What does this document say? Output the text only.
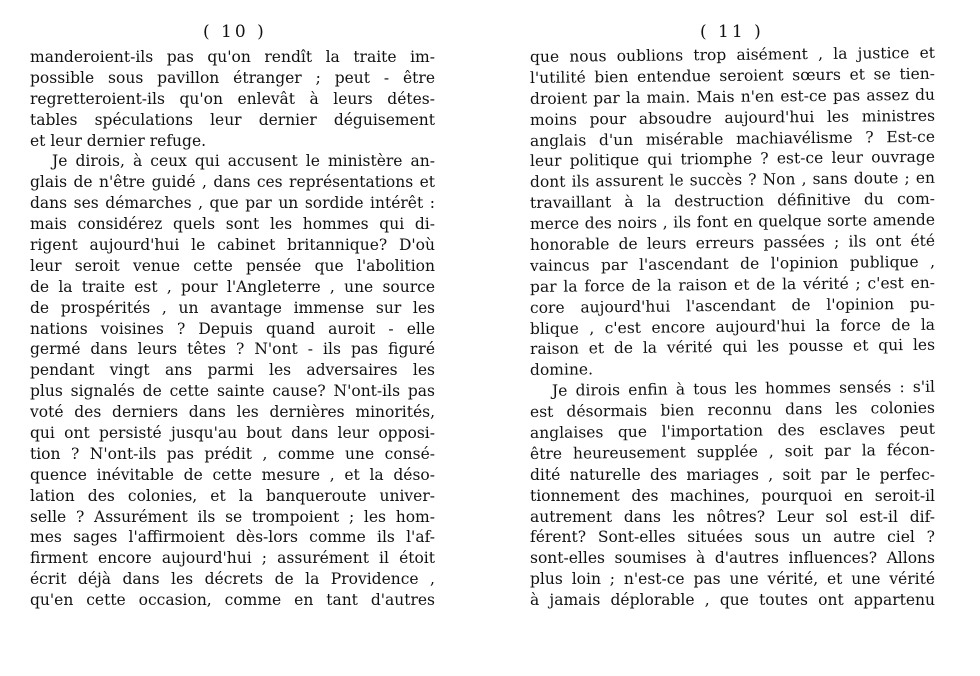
( 10 )
manderoient-ils pas qu'on rendît la traite im-
possible sous pavillon étranger ; peut - être
regretteroient-ils qu'on enlevât à leurs détes-
tables spéculations leur dernier déguisement
et leur dernier refuge.
Je dirois, à ceux qui accusent le ministère an-
glais de n'être guidé , dans ces représentations et
dans ses démarches , que par un sordide intérêt :
mais considérez quels sont les hommes qui di-
rigent aujourd'hui le cabinet britannique? D'où
leur seroit venue cette pensée que l'abolition
de la traite est , pour l'Angleterre , une source
de prospérités , un avantage immense sur les
nations voisines ? Depuis quand auroit - elle
germé dans leurs têtes ? N'ont - ils pas figuré
pendant vingt ans parmi les adversaires les
plus signalés de cette sainte cause? N'ont-ils pas
voté des derniers dans les dernières minorités,
qui ont persisté jusqu'au bout dans leur opposi-
tion ? N'ont-ils pas prédit , comme une consé-
quence inévitable de cette mesure , et la déso-
lation des colonies, et la banqueroute univer-
selle ? Assurément ils se trompoient ; les hom-
mes sages l'affirmoient dès-lors comme ils l'af-
firment encore aujourd'hui ; assurément il étoit
écrit déjà dans les décrets de la Providence ,
qu'en cette occasion, comme en tant d'autres
( 11 )
que nous oublions trop aisément , la justice et
l'utilité bien entendue seroient sœurs et se tien-
droient par la main. Mais n'en est-ce pas assez du
moins pour absoudre aujourd'hui les ministres
anglais d'un misérable machiavélisme ? Est-ce
leur politique qui triomphe ? est-ce leur ouvrage
dont ils assurent le succès ? Non , sans doute ; en
travaillant à la destruction définitive du com-
merce des noirs , ils font en quelque sorte amende
honorable de leurs erreurs passées ; ils ont été
vaincus par l'ascendant de l'opinion publique ,
par la force de la raison et de la vérité ; c'est en-
core aujourd'hui l'ascendant de l'opinion pu-
blique , c'est encore aujourd'hui la force de la
raison et de la vérité qui les pousse et qui les
domine.
Je dirois enfin à tous les hommes sensés : s'il
est désormais bien reconnu dans les colonies
anglaises que l'importation des esclaves peut
être heureusement supplée , soit par la fécon-
dité naturelle des mariages , soit par le perfec-
tionnement des machines, pourquoi en seroit-il
autrement dans les nôtres? Leur sol est-il dif-
férent? Sont-elles situées sous un autre ciel ?
sont-elles soumises à d'autres influences? Allons
plus loin ; n'est-ce pas une vérité, et une vérité
à jamais déplorable , que toutes ont appartenu
